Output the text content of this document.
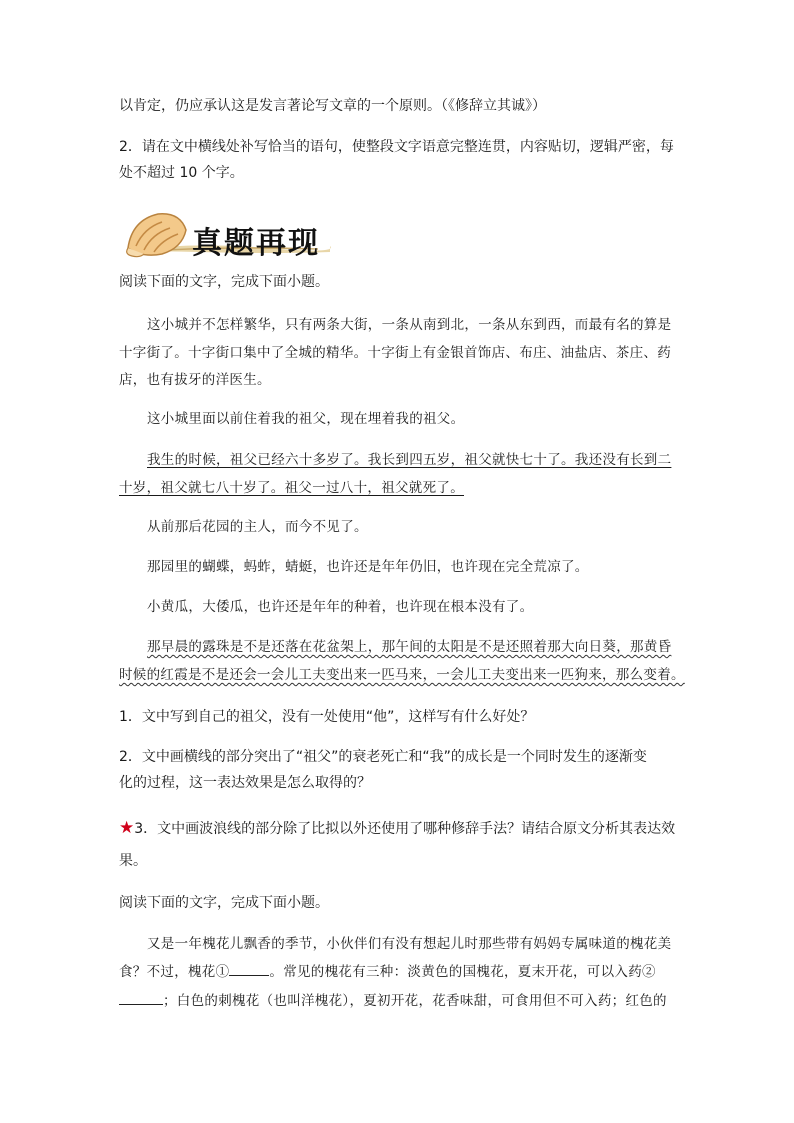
以肯定，仍应承认这是发言著论写文章的一个原则。（《修辞立其诚》）
2．请在文中横线处补写恰当的语句，使整段文字语意完整连贯，内容贴切，逻辑严密，每
处不超过 10 个字。
真题再现
阅读下面的文字，完成下面小题。
这小城并不怎样繁华，只有两条大街，一条从南到北，一条从东到西，而最有名的算是
十字街了。十字街口集中了全城的精华。十字街上有金银首饰店、布庄、油盐店、茶庄、药
店，也有拔牙的洋医生。
这小城里面以前住着我的祖父，现在埋着我的祖父。
我生的时候，祖父已经六十多岁了。我长到四五岁，祖父就快七十了。我还没有长到二
十岁，祖父就七八十岁了。祖父一过八十，祖父就死了。
从前那后花园的主人，而今不见了。
那园里的蝴蝶，蚂蚱，蜻蜓，也许还是年年仍旧，也许现在完全荒凉了。
小黄瓜，大倭瓜，也许还是年年的种着，也许现在根本没有了。
那早晨的露珠是不是还落在花盆架上，那午间的太阳是不是还照着那大向日葵，那黄昏
时候的红霞是不是还会一会儿工夫变出来一匹马来，一会儿工夫变出来一匹狗来，那么变着。
1．文中写到自己的祖父，没有一处使用“他”，这样写有什么好处？
2．文中画横线的部分突出了“祖父”的衰老死亡和“我”的成长是一个同时发生的逐渐变
化的过程，这一表达效果是怎么取得的？
★3．文中画波浪线的部分除了比拟以外还使用了哪种修辞手法？请结合原文分析其表达效
果。
阅读下面的文字，完成下面小题。
又是一年槐花儿飘香的季节，小伙伴们有没有想起儿时那些带有妈妈专属味道的槐花美
食？不过，槐花①	。常见的槐花有三种：淡黄色的国槐花，夏末开花，可以入药②
；白色的刺槐花（也叫洋槐花），夏初开花，花香味甜，可食用但不可入药；红色的
